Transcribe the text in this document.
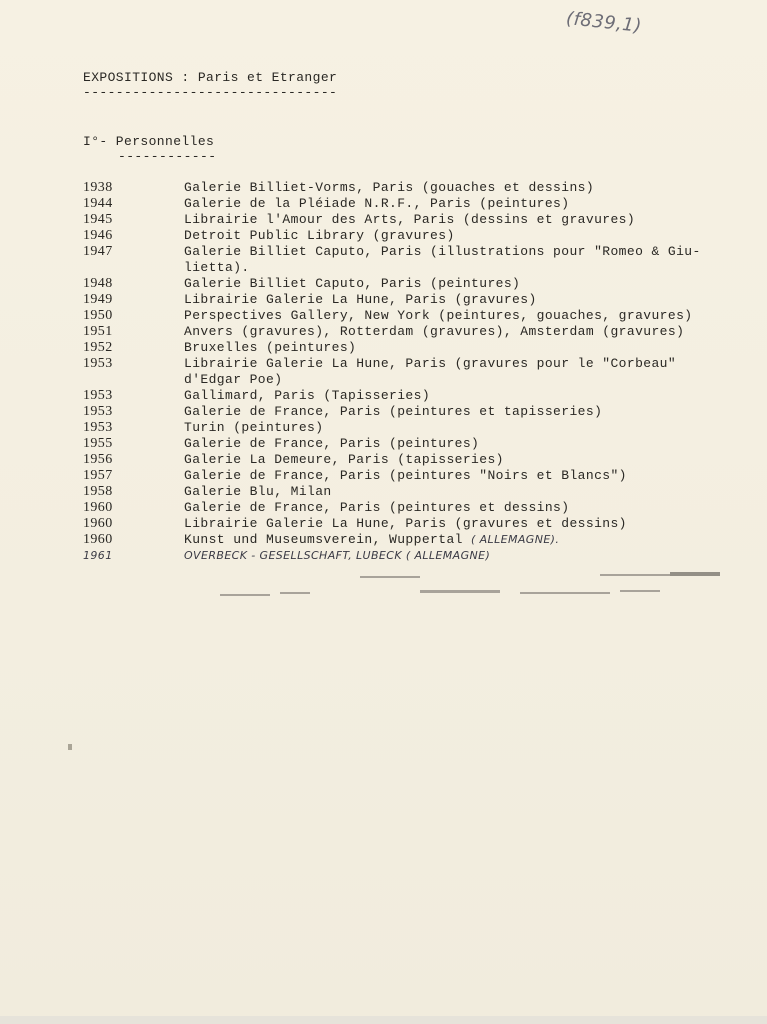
(f839,1)
EXPOSITIONS : Paris et Etranger
-------------------------------
I°- Personnelles
------------
1938	Galerie Billiet-Vorms, Paris (gouaches et dessins)
1944	Galerie de la Pléiade N.R.F., Paris (peintures)
1945	Librairie l'Amour des Arts, Paris (dessins et gravures)
1946	Detroit Public Library (gravures)
1947	Galerie Billiet Caputo, Paris (illustrations pour "Romeo & Giu-
lietta).
1948	Galerie Billiet Caputo, Paris (peintures)
1949	Librairie Galerie La Hune, Paris (gravures)
1950	Perspectives Gallery, New York (peintures, gouaches, gravures)
1951	Anvers (gravures), Rotterdam (gravures), Amsterdam (gravures)
1952	Bruxelles (peintures)
1953	Librairie Galerie La Hune, Paris (gravures pour le "Corbeau"
d'Edgar Poe)
1953	Gallimard, Paris (Tapisseries)
1953	Galerie de France, Paris (peintures et tapisseries)
1953	Turin (peintures)
1955	Galerie de France, Paris (peintures)
1956	Galerie La Demeure, Paris (tapisseries)
1957	Galerie de France, Paris (peintures "Noirs et Blancs")
1958	Galerie Blu, Milan
1960	Galerie de France, Paris (peintures et dessins)
1960	Librairie Galerie La Hune, Paris (gravures et dessins)
1960	Kunst und Museumsverein, Wuppertal ( ALLEMAGNE).
1961	OVERBECK - GESELLSCHAFT, LUBECK ( ALLEMAGNE)
